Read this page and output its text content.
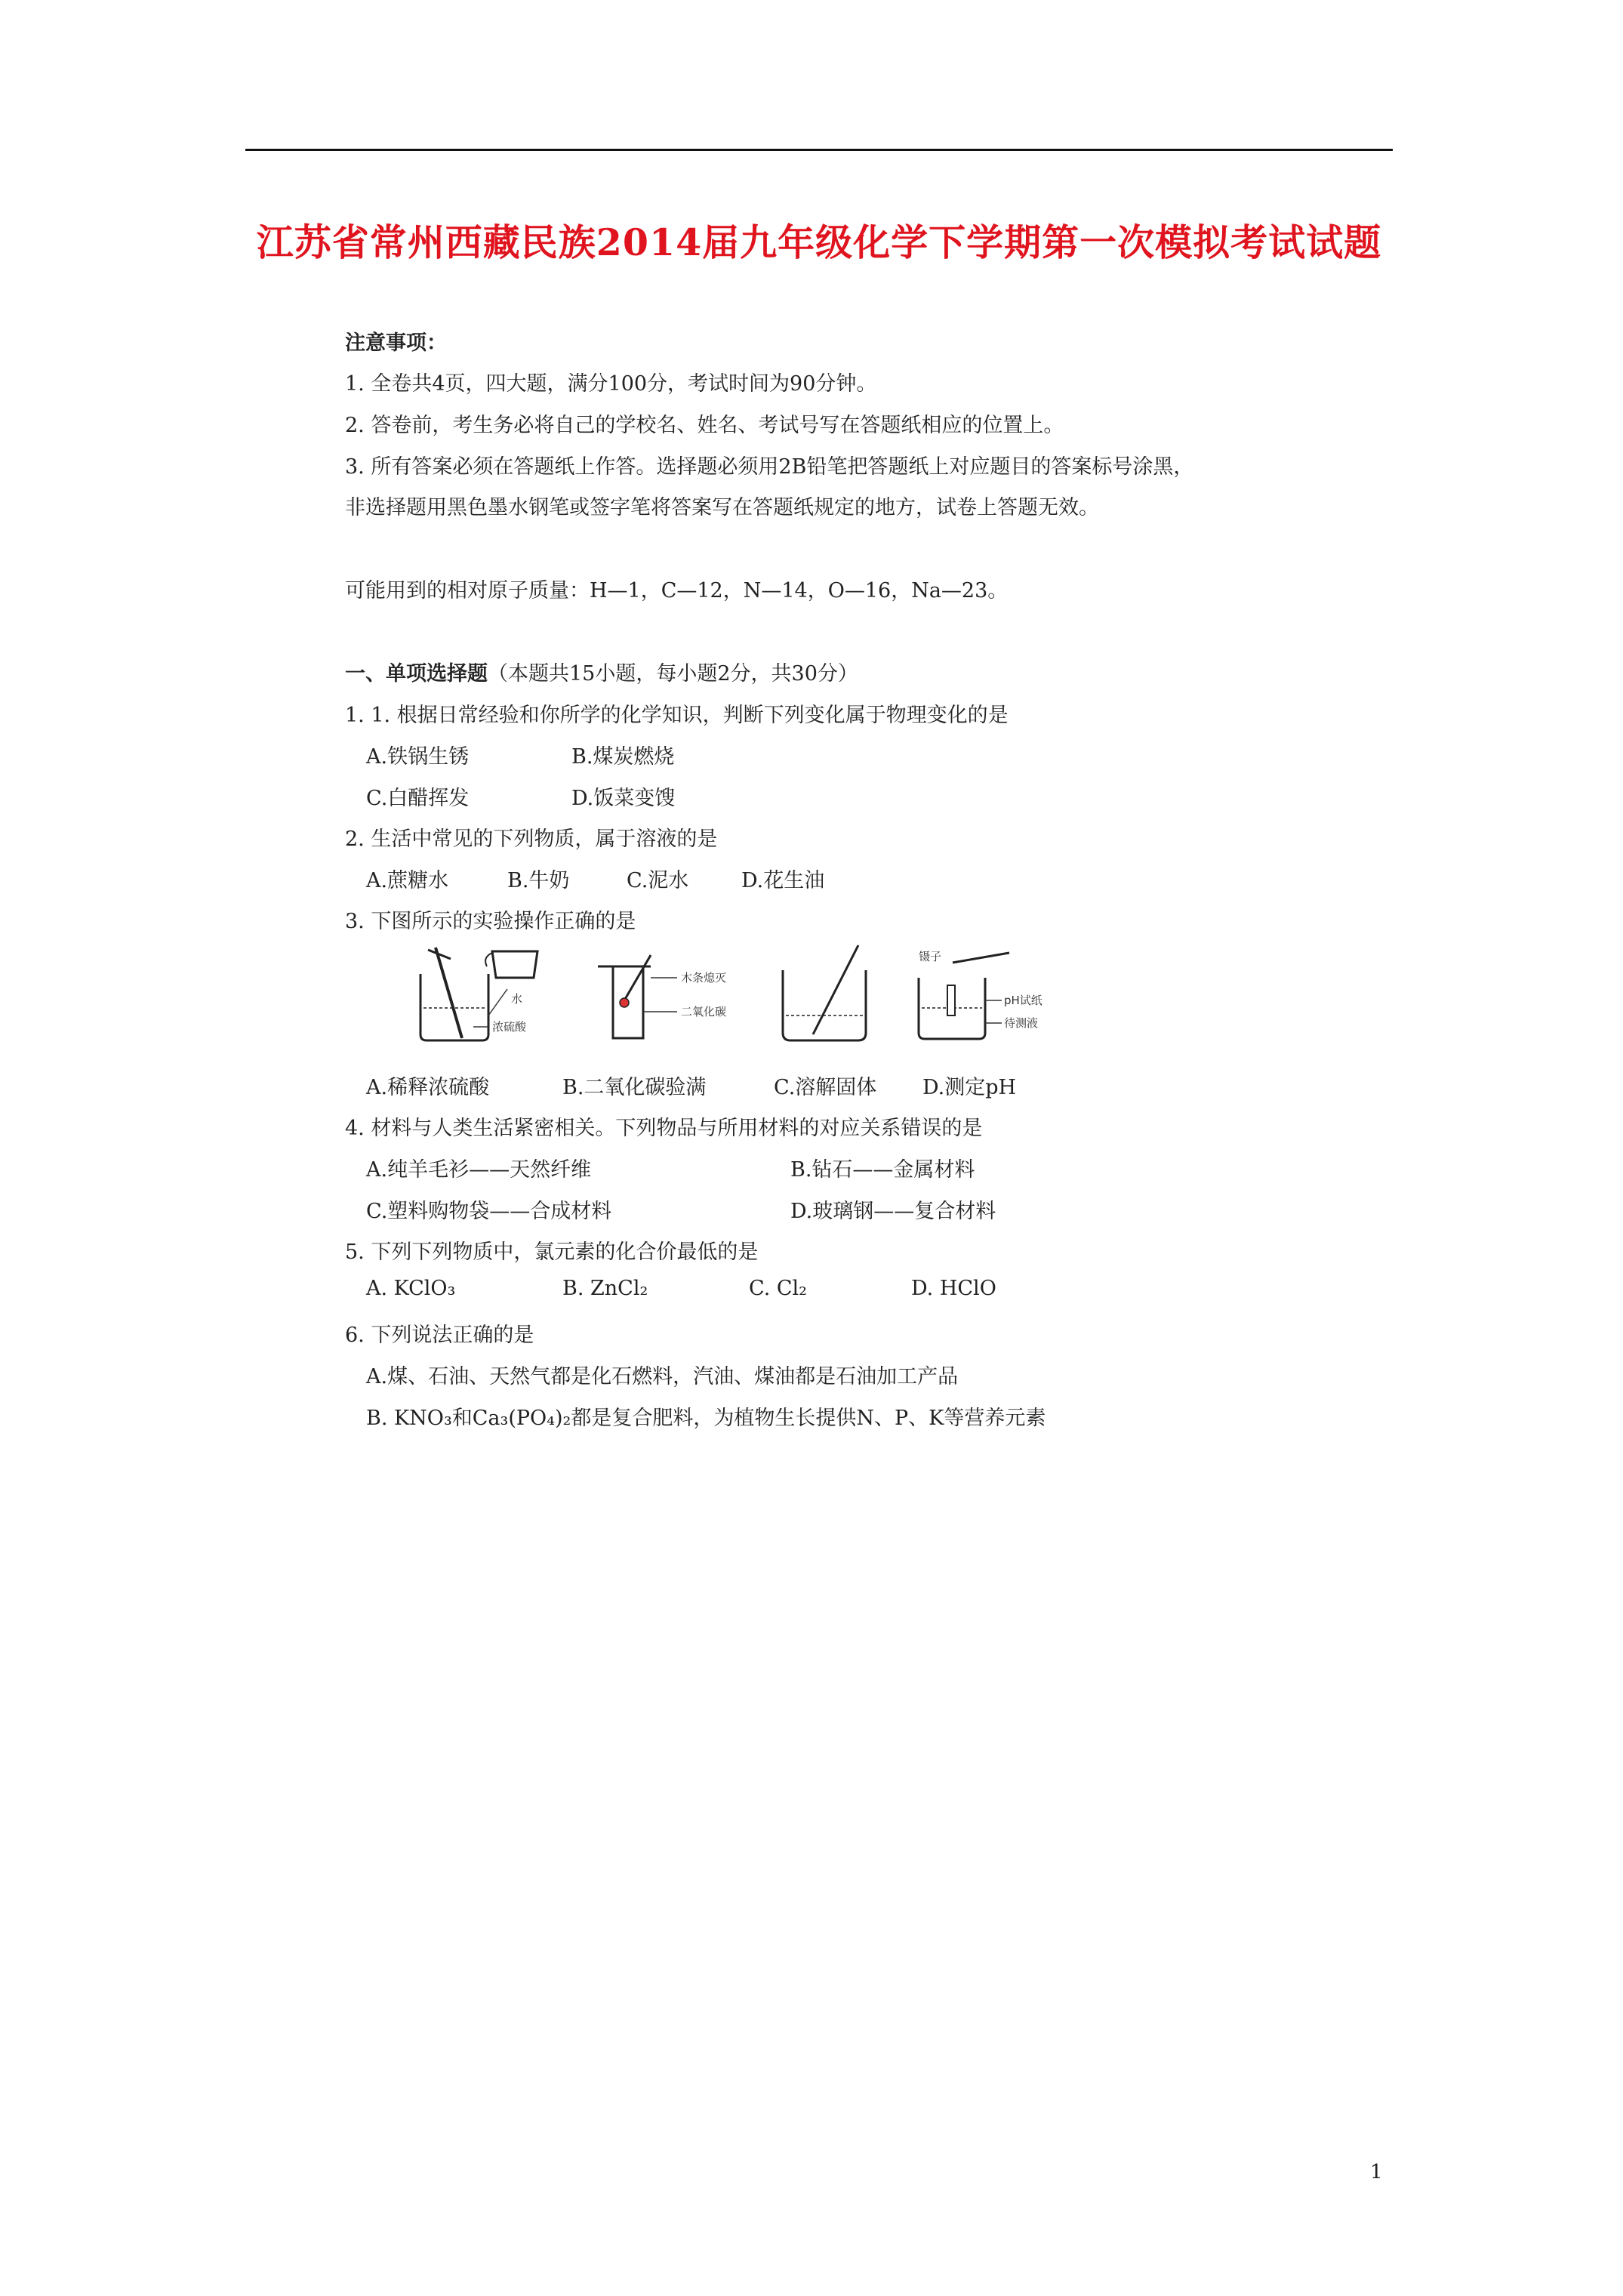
江苏省常州西藏民族2014届九年级化学下学期第一次模拟考试试题
注意事项：
1. 全卷共4页，四大题，满分100分，考试时间为90分钟。
2. 答卷前，考生务必将自己的学校名、姓名、考试号写在答题纸相应的位置上。
3. 所有答案必须在答题纸上作答。选择题必须用2B铅笔把答题纸上对应题目的答案标号涂黑，
非选择题用黑色墨水钢笔或签字笔将答案写在答题纸规定的地方，试卷上答题无效。
可能用到的相对原子质量：H—1，C—12，N—14，O—16，Na—23。
一、单项选择题（本题共15小题，每小题2分，共30分）
1. 1. 根据日常经验和你所学的化学知识，判断下列变化属于物理变化的是
A.铁锅生锈	B.煤炭燃烧
C.白醋挥发	D.饭菜变馊
2. 生活中常见的下列物质，属于溶液的是
A.蔗糖水	B.牛奶	C.泥水	D.花生油
3. 下图所示的实验操作正确的是
水
浓硫酸
木条熄灭
二氧化碳
镊子
pH试纸
待测液
A.稀释浓硫酸	B.二氧化碳验满	C.溶解固体 D.测定pH
4. 材料与人类生活紧密相关。下列物品与所用材料的对应关系错误的是
A.纯羊毛衫——天然纤维	B.钻石——金属材料
C.塑料购物袋——合成材料	D.玻璃钢——复合材料
5. 下列下列物质中，氯元素的化合价最低的是
A. KClO₃	B. ZnCl₂	C. Cl₂	D. HClO
6. 下列说法正确的是
A.煤、石油、天然气都是化石燃料，汽油、煤油都是石油加工产品
B. KNO₃和Ca₃(PO₄)₂都是复合肥料，为植物生长提供N、P、K等营养元素
1
